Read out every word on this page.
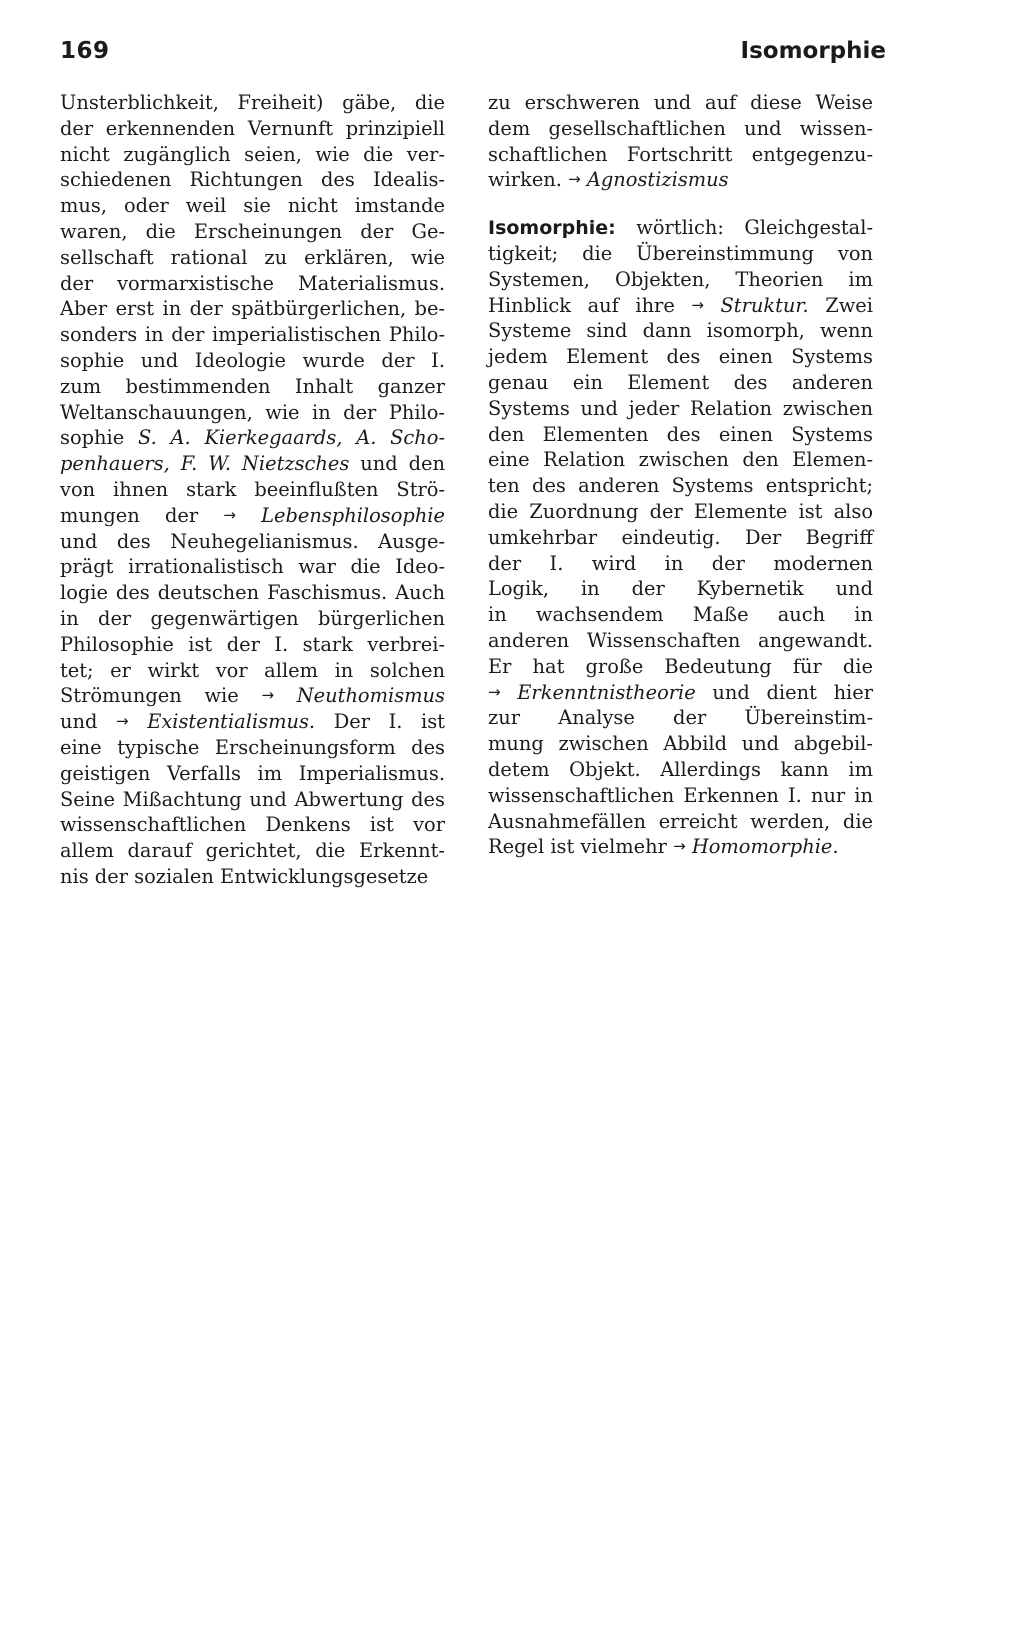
169	Isomorphie
Unsterblichkeit, Freiheit) gäbe, die
der erkennenden Vernunft prinzipiell
nicht zugänglich seien, wie die ver-
schiedenen Richtungen des Idealis-
mus, oder weil sie nicht imstande
waren, die Erscheinungen der Ge-
sellschaft rational zu erklären, wie
der vormarxistische Materialismus.
Aber erst in der spätbürgerlichen, be-
sonders in der imperialistischen Philo-
sophie und Ideologie wurde der I.
zum bestimmenden Inhalt ganzer
Weltanschauungen, wie in der Philo-
sophie S. A. Kierkegaards, A. Scho-
penhauers, F. W. Nietzsches und den
von ihnen stark beeinflußten Strö-
mungen der → Lebensphilosophie
und des Neuhegelianismus. Ausge-
prägt irrationalistisch war die Ideo-
logie des deutschen Faschismus. Auch
in der gegenwärtigen bürgerlichen
Philosophie ist der I. stark verbrei-
tet; er wirkt vor allem in solchen
Strömungen wie → Neuthomismus
und → Existentialismus. Der I. ist
eine typische Erscheinungsform des
geistigen Verfalls im Imperialismus.
Seine Mißachtung und Abwertung des
wissenschaftlichen Denkens ist vor
allem darauf gerichtet, die Erkennt-
nis der sozialen Entwicklungsgesetze
zu erschweren und auf diese Weise
dem gesellschaftlichen und wissen-
schaftlichen Fortschritt entgegenzu-
wirken. → Agnostizismus
Isomorphie: wörtlich: Gleichgestal-
tigkeit; die Übereinstimmung von
Systemen, Objekten, Theorien im
Hinblick auf ihre → Struktur. Zwei
Systeme sind dann isomorph, wenn
jedem Element des einen Systems
genau ein Element des anderen
Systems und jeder Relation zwischen
den Elementen des einen Systems
eine Relation zwischen den Elemen-
ten des anderen Systems entspricht;
die Zuordnung der Elemente ist also
umkehrbar eindeutig. Der Begriff
der I. wird in der modernen
Logik, in der Kybernetik und
in wachsendem Maße auch in
anderen Wissenschaften angewandt.
Er hat große Bedeutung für die
→ Erkenntnistheorie und dient hier
zur Analyse der Übereinstim-
mung zwischen Abbild und abgebil-
detem Objekt. Allerdings kann im
wissenschaftlichen Erkennen I. nur in
Ausnahmefällen erreicht werden, die
Regel ist vielmehr → Homomorphie.
